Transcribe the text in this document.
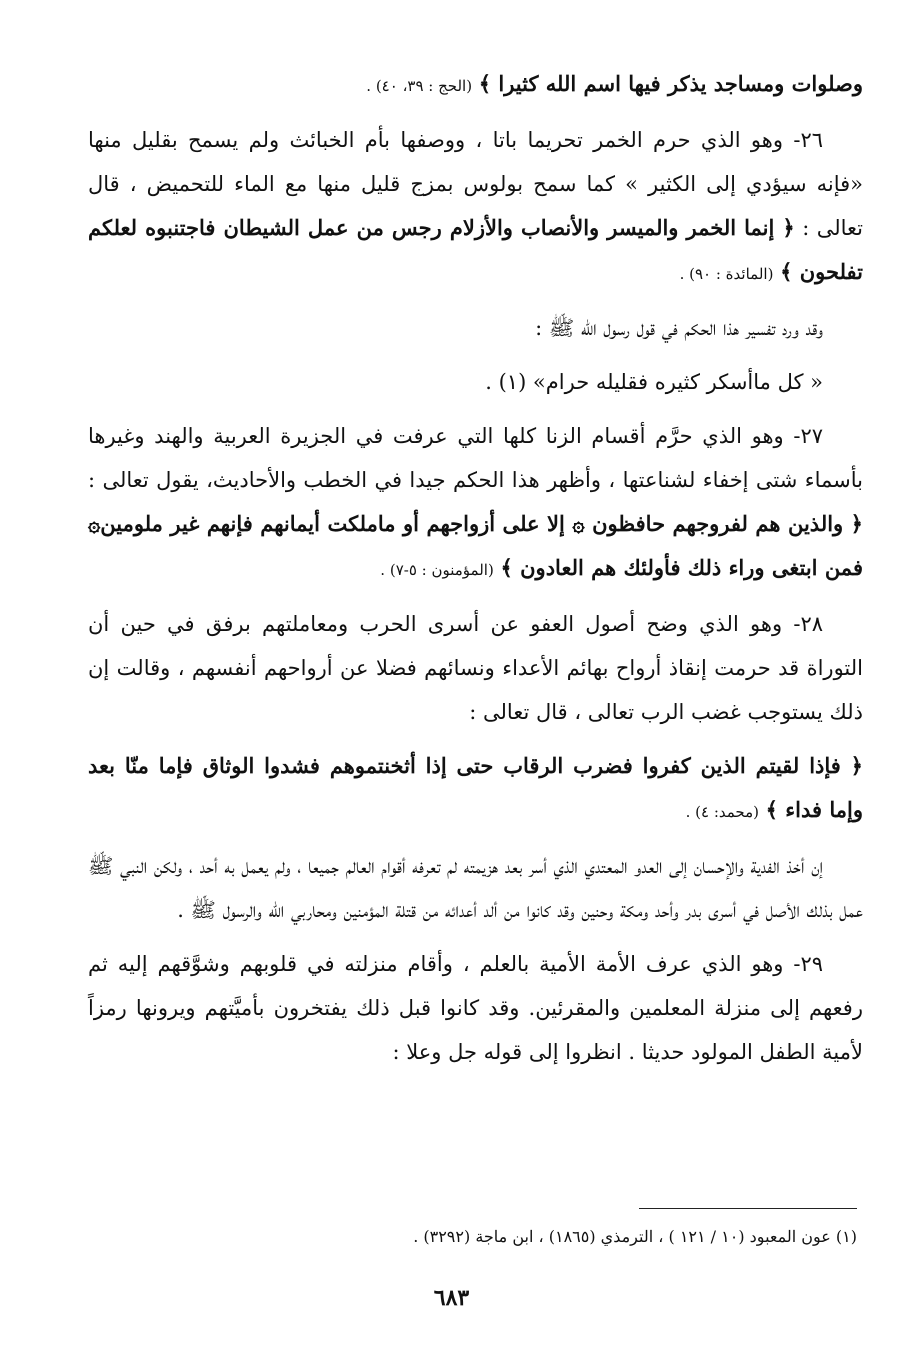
وصلوات ومساجد يذكر فيها اسم الله كثيرا ﴾ (الحج : ٣٩، ٤٠) .

٢٦- وهو الذي حرم الخمر تحريما باتا ، ووصفها بأم الخبائث ولم يسمح بقليل منها «فإنه سيؤدي إلى الكثير » كما سمح بولوس بمزج قليل منها مع الماء للتحميض ، قال تعالى : ﴿ إنما الخمر والميسر والأنصاب والأزلام رجس من عمل الشيطان فاجتنبوه لعلكم تفلحون ﴾ (المائدة : ٩٠) .

وقد ورد تفسير هذا الحكم في قول رسول الله ﷺ :

« كل ماأسكر كثيره فقليله حرام» (١) .

٢٧- وهو الذي حرَّم أقسام الزنا كلها التي عرفت في الجزيرة العربية والهند وغيرها بأسماء شتى إخفاء لشناعتها ، وأظهر هذا الحكم جيدا في الخطب والأحاديث، يقول تعالى : ﴿ والذين هم لفروجهم حافظون ۞ إلا على أزواجهم أو ماملكت أيمانهم فإنهم غير ملومين۞ فمن ابتغى وراء ذلك فأولئك هم العادون ﴾ (المؤمنون : ٥-٧) .

٢٨- وهو الذي وضح أصول العفو عن أسرى الحرب ومعاملتهم برفق في حين أن التوراة قد حرمت إنقاذ أرواح بهائم الأعداء ونسائهم فضلا عن أرواحهم أنفسهم ، وقالت إن ذلك يستوجب غضب الرب تعالى ، قال تعالى :

﴿ فإذا لقيتم الذين كفروا فضرب الرقاب حتى إذا أثخنتموهم فشدوا الوثاق فإما منّا بعد وإما فداء ﴾ (محمد: ٤) .

إن أخذ الفدية والإحسان إلى العدو المعتدي الذي أسر بعد هزيمته لم تعرفه أقوام العالم جميعا ، ولم يعمل به أحد ، ولكن النبي ﷺ عمل بذلك الأصل في أسرى بدر وأحد ومكة وحنين وقد كانوا من ألد أعدائه من قتلة المؤمنين ومحاربي الله والرسول ﷺ .

٢٩- وهو الذي عرف الأمة الأمية بالعلم ، وأقام منزلته في قلوبهم وشوَّقهم إليه ثم رفعهم إلى منزلة المعلمين والمقرئين. وقد كانوا قبل ذلك يفتخرون بأميَّتهم ويرونها رمزاً لأمية الطفل المولود حديثا . انظروا إلى قوله جل وعلا :

(١) عون المعبود (١٠ / ١٢١ ) ، الترمذي (١٨٦٥) ، ابن ماجة (٣٢٩٢) .
٦٨٣
